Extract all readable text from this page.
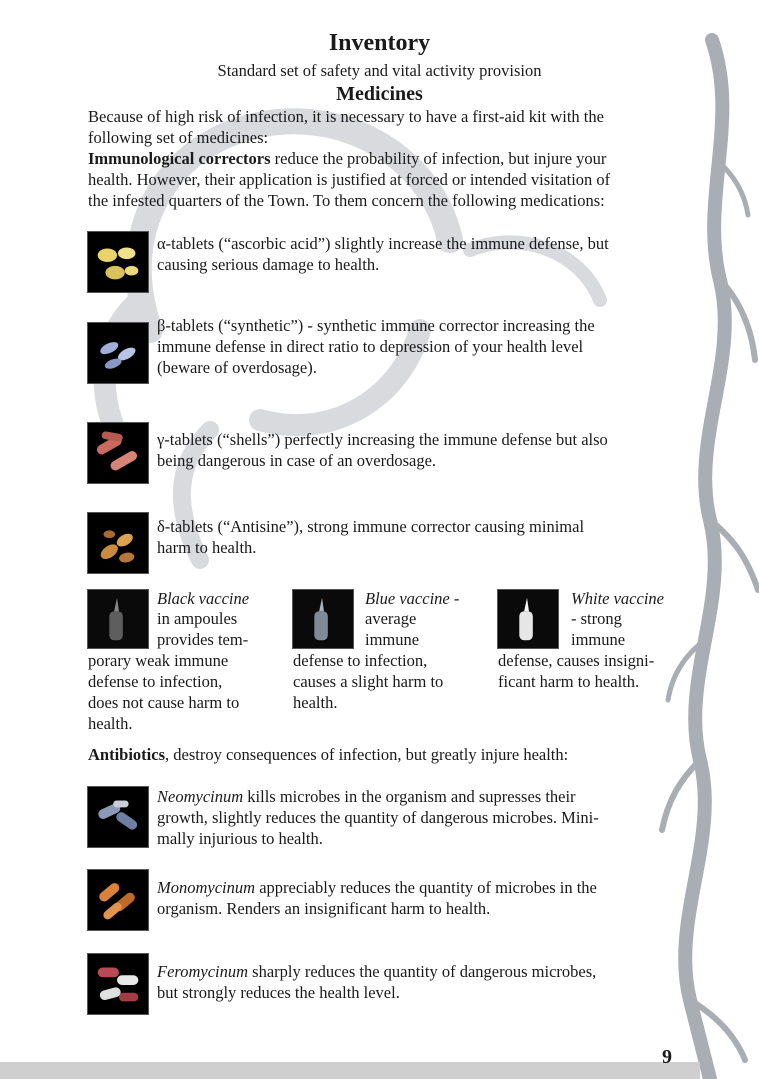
Inventory
Standard set of safety and vital activity provision
Medicines
Because of high risk of infection, it is necessary to have a first-aid kit with the
following set of medicines:
Immunological correctors reduce the probability of infection, but injure your
health. However, their application is justified at forced or intended visitation of
the infested quarters of the Town. To them concern the following medications:
α-tablets (“ascorbic acid”) slightly increase the immune defense, but
causing serious damage to health.
β-tablets (“synthetic”) - synthetic immune corrector increasing the
immune defense in direct ratio to depression of your health level
(beware of overdosage).
γ-tablets (“shells”) perfectly increasing the immune defense but also
being dangerous in case of an overdosage.
δ-tablets (“Antisine”), strong immune corrector causing minimal
harm to health.
Black vaccine
in ampoules
provides tem-
porary weak immune
defense to infection,
does not cause harm to
health.
Blue vaccine -
average
immune
defense to infection,
causes a slight harm to
health.
White vaccine
- strong
immune
defense, causes insigni-
ficant harm to health.
Antibiotics, destroy consequences of infection, but greatly injure health:
Neomycinum kills microbes in the organism and supresses their
growth, slightly reduces the quantity of dangerous microbes. Mini-
mally injurious to health.
Monomycinum appreciably reduces the quantity of microbes in the
organism. Renders an insignificant harm to health.
Feromycinum sharply reduces the quantity of dangerous microbes,
but strongly reduces the health level.
9
